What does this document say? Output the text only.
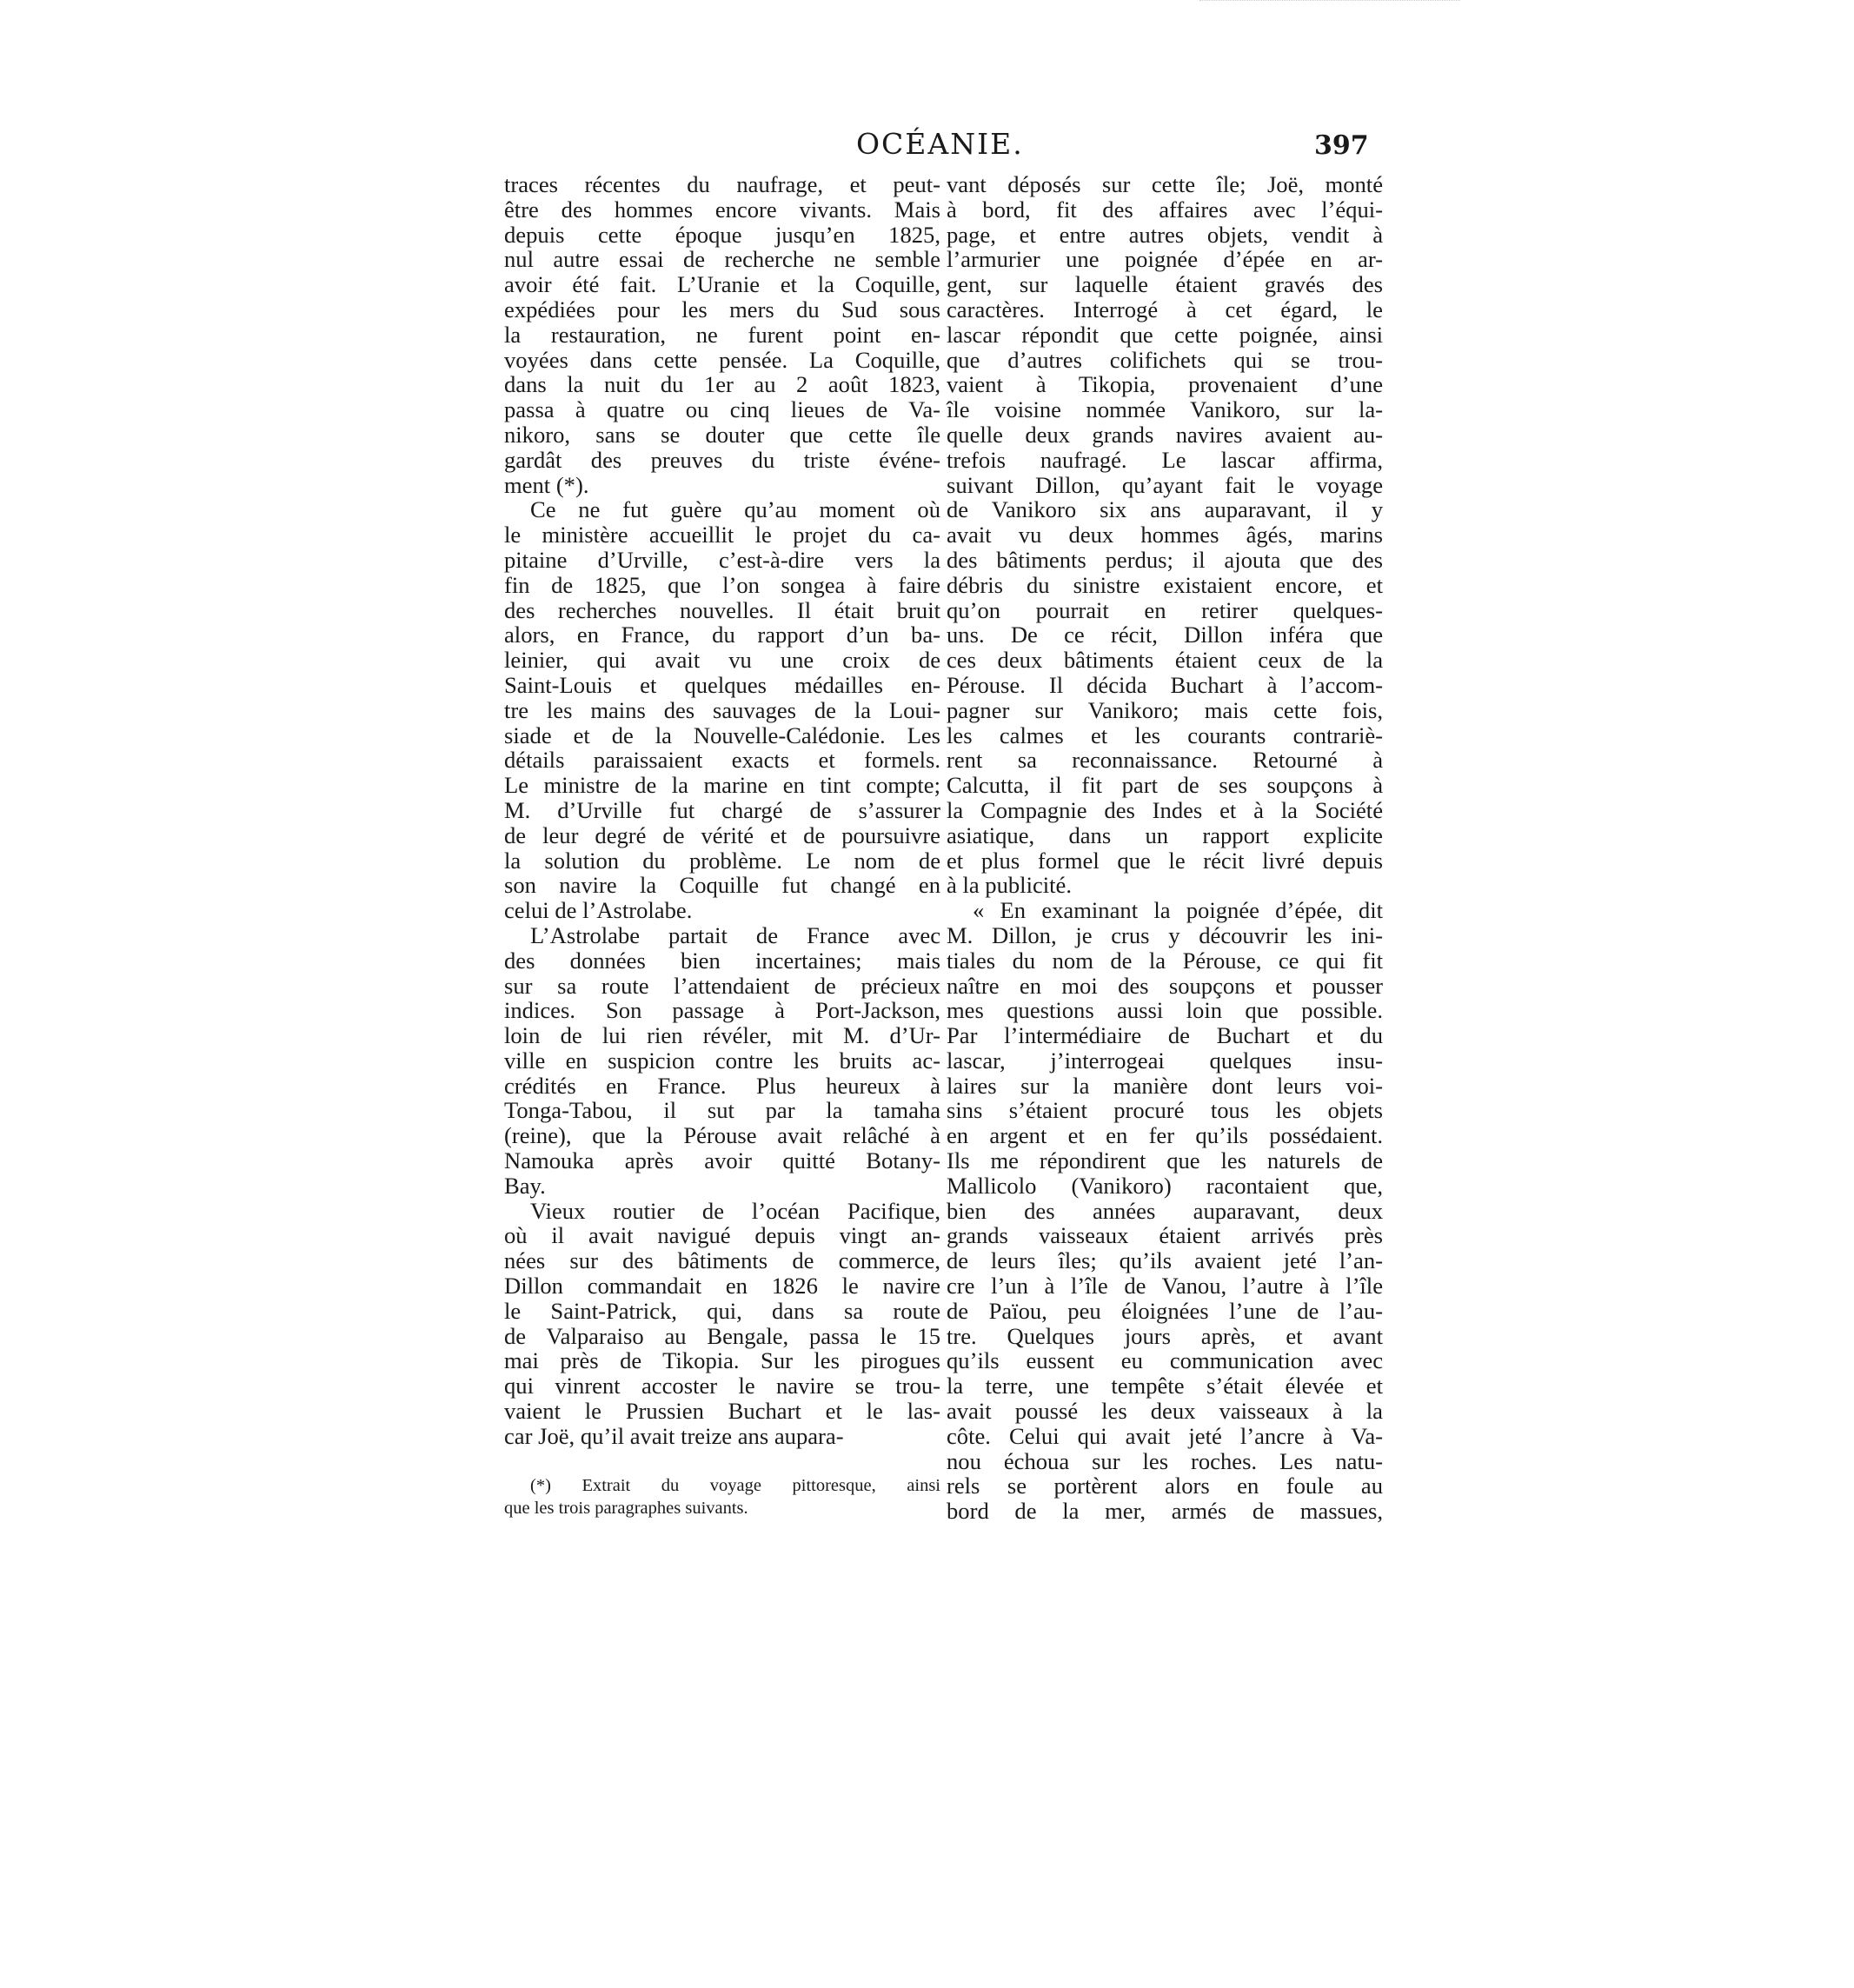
OCÉANIE.	397
traces récentes du naufrage, et peut-
être des hommes encore vivants. Mais
depuis cette époque jusqu’en 1825,
nul autre essai de recherche ne semble
avoir été fait. L’Uranie et la Coquille,
expédiées pour les mers du Sud sous
la restauration, ne furent point en-
voyées dans cette pensée. La Coquille,
dans la nuit du 1er au 2 août 1823,
passa à quatre ou cinq lieues de Va-
nikoro, sans se douter que cette île
gardât des preuves du triste événe-
ment (*).
Ce ne fut guère qu’au moment où
le ministère accueillit le projet du ca-
pitaine d’Urville, c’est-à-dire vers la
fin de 1825, que l’on songea à faire
des recherches nouvelles. Il était bruit
alors, en France, du rapport d’un ba-
leinier, qui avait vu une croix de
Saint-Louis et quelques médailles en-
tre les mains des sauvages de la Loui-
siade et de la Nouvelle-Calédonie. Les
détails paraissaient exacts et formels.
Le ministre de la marine en tint compte;
M. d’Urville fut chargé de s’assurer
de leur degré de vérité et de poursuivre
la solution du problème. Le nom de
son navire la Coquille fut changé en
celui de l’Astrolabe.
L’Astrolabe partait de France avec
des données bien incertaines; mais
sur sa route l’attendaient de précieux
indices. Son passage à Port-Jackson,
loin de lui rien révéler, mit M. d’Ur-
ville en suspicion contre les bruits ac-
crédités en France. Plus heureux à
Tonga-Tabou, il sut par la tamaha
(reine), que la Pérouse avait relâché à
Namouka après avoir quitté Botany-
Bay.
Vieux routier de l’océan Pacifique,
où il avait navigué depuis vingt an-
nées sur des bâtiments de commerce,
Dillon commandait en 1826 le navire
le Saint-Patrick, qui, dans sa route
de Valparaiso au Bengale, passa le 15
mai près de Tikopia. Sur les pirogues
qui vinrent accoster le navire se trou-
vaient le Prussien Buchart et le las-
car Joë, qu’il avait treize ans aupara-
vant déposés sur cette île; Joë, monté
à bord, fit des affaires avec l’équi-
page, et entre autres objets, vendit à
l’armurier une poignée d’épée en ar-
gent, sur laquelle étaient gravés des
caractères. Interrogé à cet égard, le
lascar répondit que cette poignée, ainsi
que d’autres colifichets qui se trou-
vaient à Tikopia, provenaient d’une
île voisine nommée Vanikoro, sur la-
quelle deux grands navires avaient au-
trefois naufragé. Le lascar affirma,
suivant Dillon, qu’ayant fait le voyage
de Vanikoro six ans auparavant, il y
avait vu deux hommes âgés, marins
des bâtiments perdus; il ajouta que des
débris du sinistre existaient encore, et
qu’on pourrait en retirer quelques-
uns. De ce récit, Dillon inféra que
ces deux bâtiments étaient ceux de la
Pérouse. Il décida Buchart à l’accom-
pagner sur Vanikoro; mais cette fois,
les calmes et les courants contrariè-
rent sa reconnaissance. Retourné à
Calcutta, il fit part de ses soupçons à
la Compagnie des Indes et à la Société
asiatique, dans un rapport explicite
et plus formel que le récit livré depuis
à la publicité.
« En examinant la poignée d’épée, dit
M. Dillon, je crus y découvrir les ini-
tiales du nom de la Pérouse, ce qui fit
naître en moi des soupçons et pousser
mes questions aussi loin que possible.
Par l’intermédiaire de Buchart et du
lascar, j’interrogeai quelques insu-
laires sur la manière dont leurs voi-
sins s’étaient procuré tous les objets
en argent et en fer qu’ils possédaient.
Ils me répondirent que les naturels de
Mallicolo (Vanikoro) racontaient que,
bien des années auparavant, deux
grands vaisseaux étaient arrivés près
de leurs îles; qu’ils avaient jeté l’an-
cre l’un à l’île de Vanou, l’autre à l’île
de Païou, peu éloignées l’une de l’au-
tre. Quelques jours après, et avant
qu’ils eussent eu communication avec
la terre, une tempête s’était élevée et
avait poussé les deux vaisseaux à la
côte. Celui qui avait jeté l’ancre à Va-
nou échoua sur les roches. Les natu-
rels se portèrent alors en foule au
bord de la mer, armés de massues,
(*) Extrait du voyage pittoresque, ainsi
que les trois paragraphes suivants.
